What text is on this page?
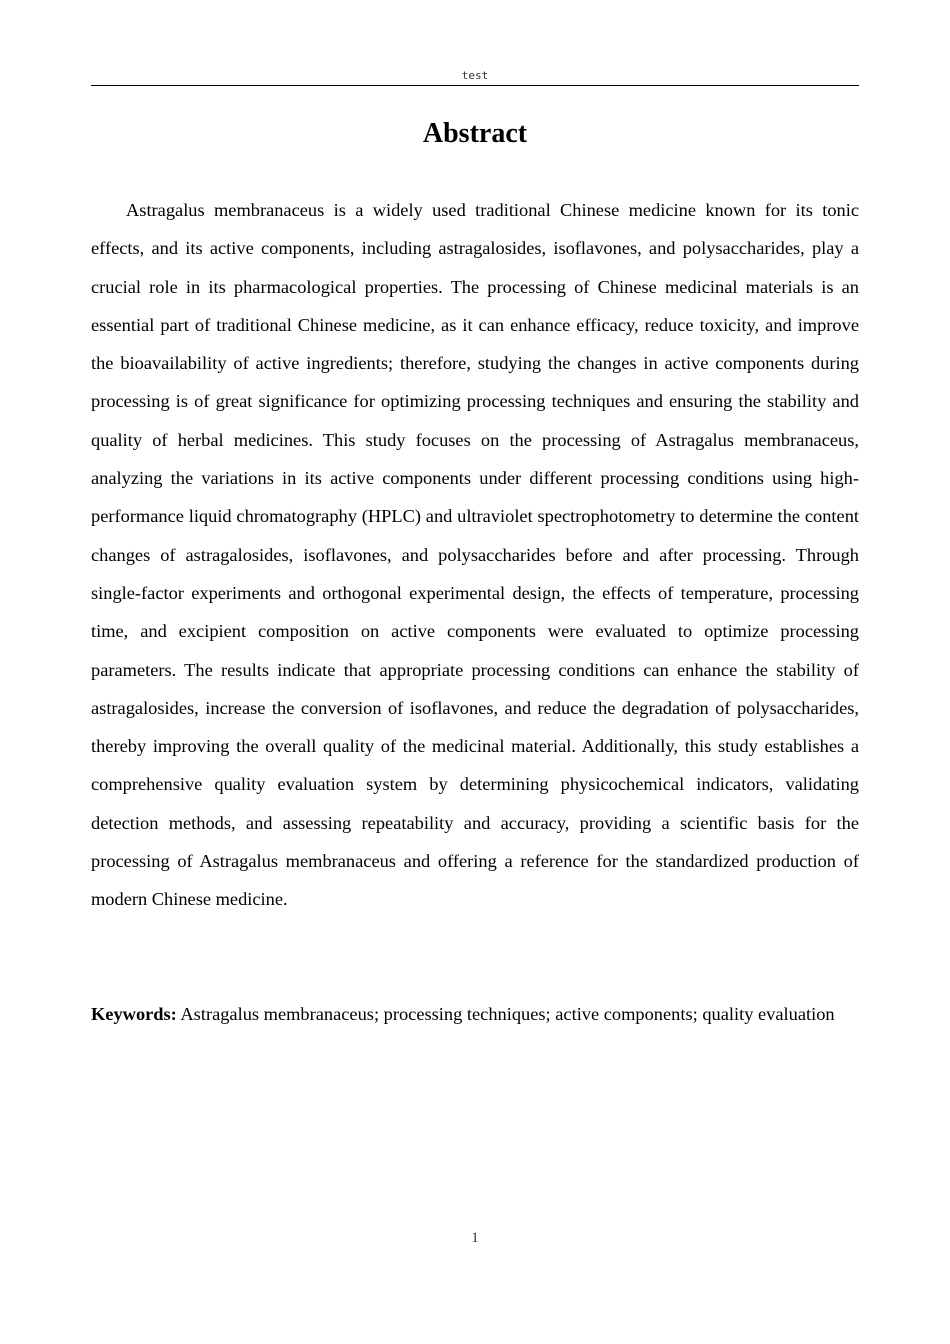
test
Abstract

Astragalus membranaceus is a widely used traditional Chinese medicine known for its tonic effects, and its active components, including astragalosides, isoflavones, and polysaccharides, play a crucial role in its pharmacological properties. The processing of Chinese medicinal materials is an essential part of traditional Chinese medicine, as it can enhance efficacy, reduce toxicity, and improve the bioavailability of active ingredients; therefore, studying the changes in active components during processing is of great significance for optimizing processing techniques and ensuring the stability and quality of herbal medicines. This study focuses on the processing of Astragalus membranaceus, analyzing the variations in its active components under different processing conditions using high-performance liquid chromatography (HPLC) and ultraviolet spectrophotometry to determine the content changes of astragalosides, isoflavones, and polysaccharides before and after processing. Through single-factor experiments and orthogonal experimental design, the effects of temperature, processing time, and excipient composition on active components were evaluated to optimize processing parameters. The results indicate that appropriate processing conditions can enhance the stability of astragalosides, increase the conversion of isoflavones, and reduce the degradation of polysaccharides, thereby improving the overall quality of the medicinal material. Additionally, this study establishes a comprehensive quality evaluation system by determining physicochemical indicators, validating detection methods, and assessing repeatability and accuracy, providing a scientific basis for the processing of Astragalus membranaceus and offering a reference for the standardized production of modern Chinese medicine.

Keywords: Astragalus membranaceus; processing techniques; active components; quality evaluation

1
